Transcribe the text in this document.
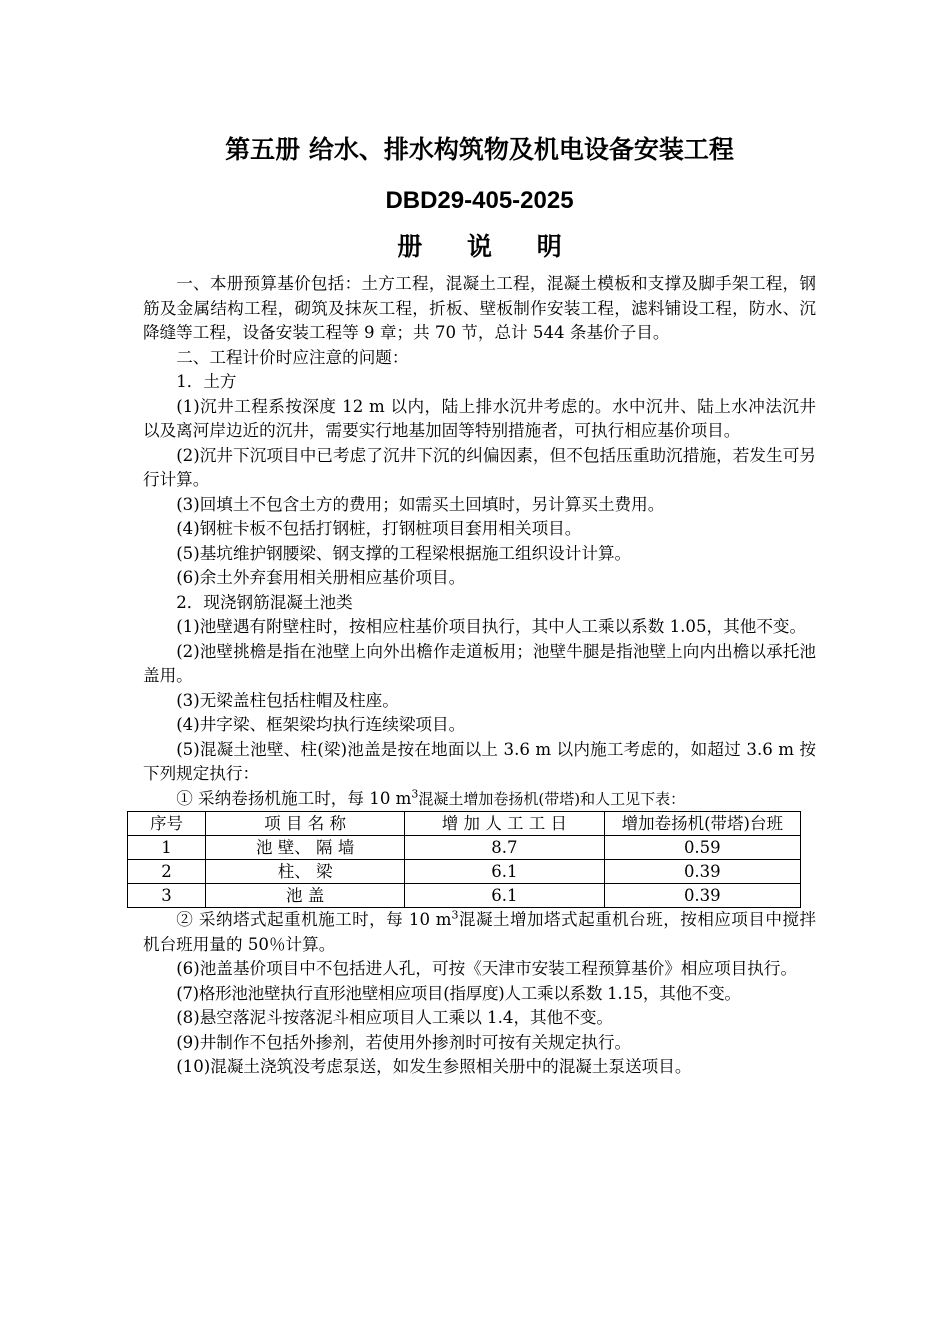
第五册 给水、排水构筑物及机电设备安装工程
DBD29-405-2025
册 说 明

一、本册预算基价包括：土方工程，混凝土工程，混凝土模板和支撑及脚手架工程，钢筋及金属结构工程，砌筑及抹灰工程，折板、壁板制作安装工程，滤料铺设工程，防水、沉降缝等工程，设备安装工程等 9 章；共 70 节，总计 544 条基价子目。

二、工程计价时应注意的问题：

1．土方

(1)沉井工程系按深度 12 m 以内，陆上排水沉井考虑的。水中沉井、陆上水冲法沉井以及离河岸边近的沉井，需要实行地基加固等特别措施者，可执行相应基价项目。

(2)沉井下沉项目中已考虑了沉井下沉的纠偏因素，但不包括压重助沉措施，若发生可另行计算。

(3)回填土不包含土方的费用；如需买土回填时，另计算买土费用。

(4)钢桩卡板不包括打钢桩，打钢桩项目套用相关项目。

(5)基坑维护钢腰梁、钢支撑的工程梁根据施工组织设计计算。

(6)余土外弃套用相关册相应基价项目。

2．现浇钢筋混凝土池类

(1)池壁遇有附壁柱时，按相应柱基价项目执行，其中人工乘以系数 1.05，其他不变。

(2)池壁挑檐是指在池壁上向外出檐作走道板用；池壁牛腿是指池壁上向内出檐以承托池盖用。

(3)无梁盖柱包括柱帽及柱座。

(4)井字梁、框架梁均执行连续梁项目。

(5)混凝土池壁、柱(梁)池盖是按在地面以上 3.6 m 以内施工考虑的，如超过 3.6 m 按下列规定执行：

① 采纳卷扬机施工时，每 10 $m^3$混凝土增加卷扬机(带塔)和人工见下表：

序号	项 目 名 称	增 加 人 工 工 日	增加卷扬机(带塔)台班
1	池 壁、 隔 墙	8.7	0.59
2	柱、 梁	6.1	0.39
3	池 盖	6.1	0.39

② 采纳塔式起重机施工时，每 10 $m^3$混凝土增加塔式起重机台班，按相应项目中搅拌机台班用量的 50％计算。

(6)池盖基价项目中不包括进人孔，可按《天津市安装工程预算基价》相应项目执行。

(7)格形池池壁执行直形池壁相应项目(指厚度)人工乘以系数 1.15，其他不变。

(8)悬空落泥斗按落泥斗相应项目人工乘以 1.4，其他不变。

(9)井制作不包括外掺剂，若使用外掺剂时可按有关规定执行。

(10)混凝土浇筑没考虑泵送，如发生参照相关册中的混凝土泵送项目。
